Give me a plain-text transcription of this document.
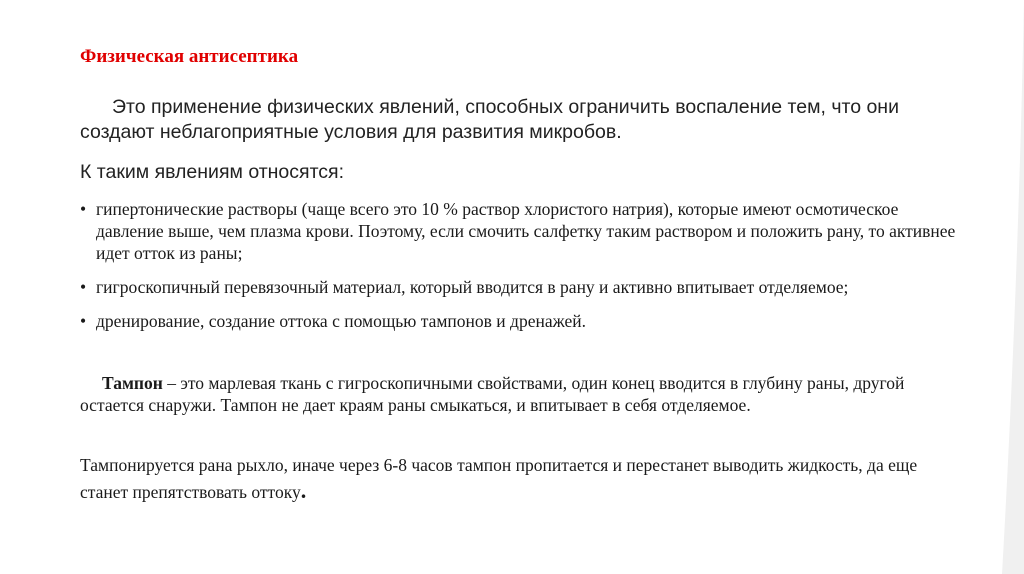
Физическая антисептика

Это применение физических явлений, способных ограничить воспаление тем, что они создают неблагоприятные условия для развития микробов.

К таким явлениям относятся:

• гипертонические растворы (чаще всего это 10 % раствор хлористого натрия), которые имеют осмотическое давление выше, чем плазма крови. Поэтому, если смочить салфетку таким раствором и положить рану, то активнее идет отток из раны;
• гигроскопичный перевязочный материал, который вводится в рану и активно впитывает отделяемое;
• дренирование, создание оттока с помощью тампонов и дренажей.

Тампон – это марлевая ткань с гигроскопичными свойствами, один конец вводится в глубину раны, другой остается снаружи. Тампон не дает краям раны смыкаться, и впитывает в себя отделяемое.

Тампонируется рана рыхло, иначе через 6-8 часов тампон пропитается и перестанет выводить жидкость, да еще станет препятствовать оттоку.
